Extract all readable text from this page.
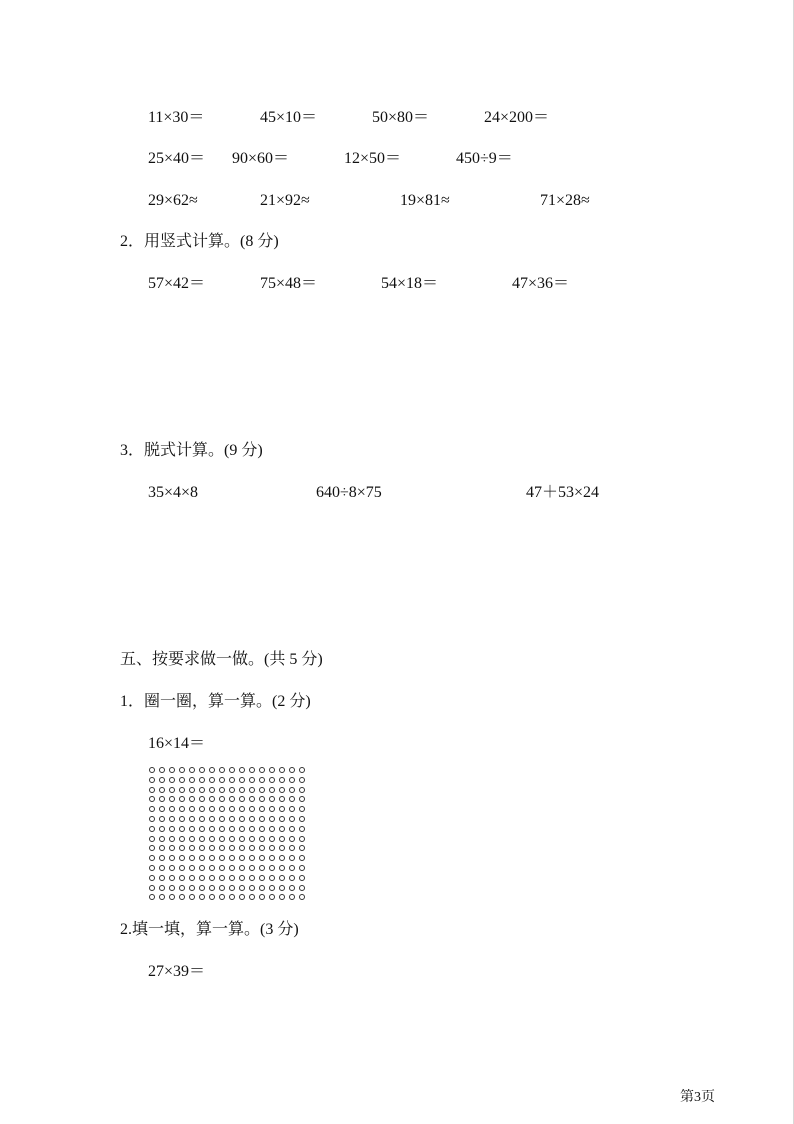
11×30＝	45×10＝	50×80＝	24×200＝
25×40＝ 90×60＝	12×50＝	450÷9＝
29×62≈	21×92≈	19×81≈	71×28≈
2．用竖式计算。(8 分)
57×42＝	75×48＝	54×18＝	47×36＝
3．脱式计算。(9 分)
35×4×8	640÷8×75	47＋53×24
五、按要求做一做。(共 5 分)
1．圈一圈，算一算。(2 分)
16×14＝
2.填一填，算一算。(3 分)
27×39＝
第3页
